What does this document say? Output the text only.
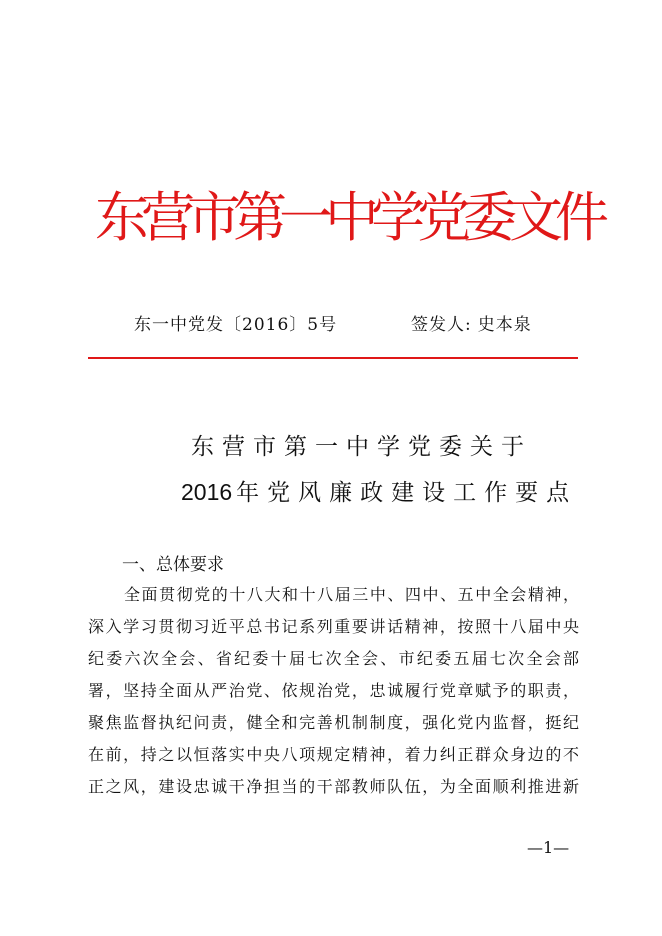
东
营
市
第
一
中
学
党
委
文
件
东一中党发〔2016〕5号	签发人: 史本泉
东营市第一中学党委关于
2016 年党风廉政建设工作要点
一、总体要求
全面贯彻党的十八大和十八届三中、四中、五中全会精神，
深入学习贯彻习近平总书记系列重要讲话精神，按照十八届中央
纪委六次全会、省纪委十届七次全会、市纪委五届七次全会部
署，坚持全面从严治党、依规治党，忠诚履行党章赋予的职责，
聚焦监督执纪问责，健全和完善机制制度，强化党内监督，挺纪
在前，持之以恒落实中央八项规定精神，着力纠正群众身边的不
正之风，建设忠诚干净担当的干部教师队伍，为全面顺利推进新
—1—
